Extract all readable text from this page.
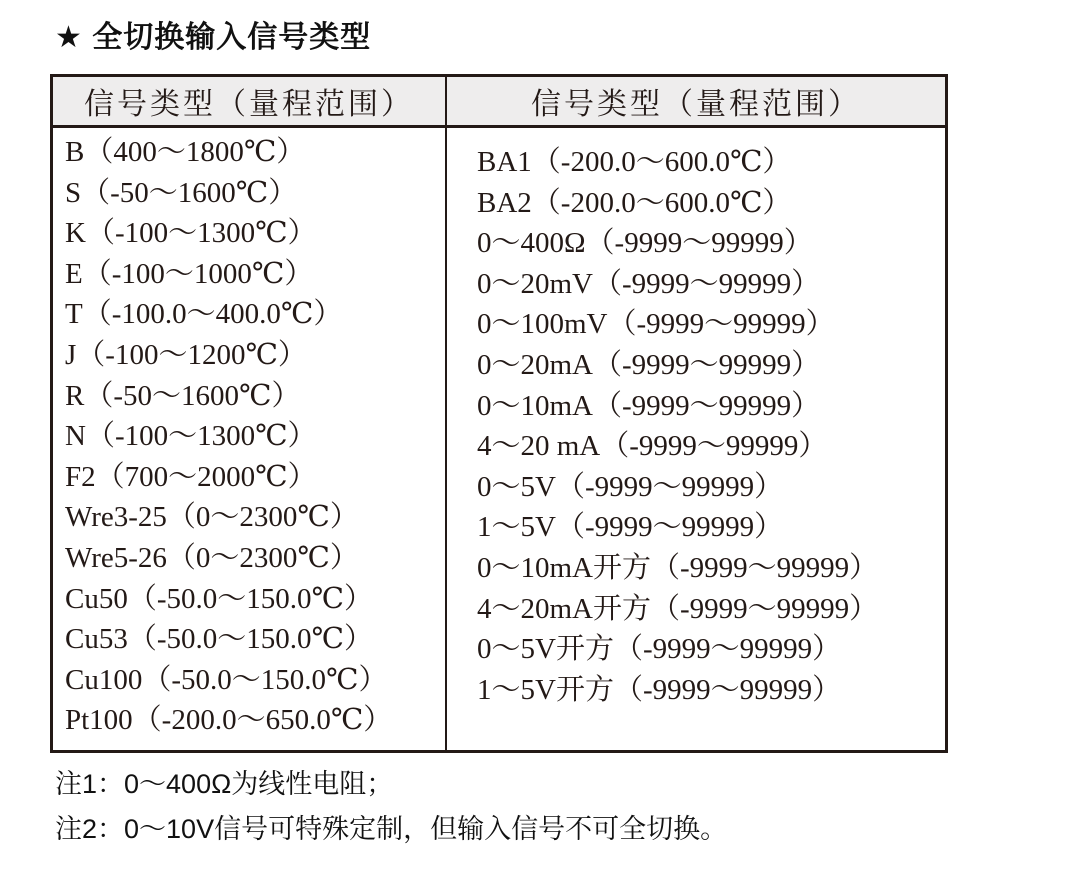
★ 全切换输入信号类型
信号类型（量程范围）	信号类型（量程范围）
B（400～1800℃）
S（-50～1600℃）
K（-100～1300℃）
E（-100～1000℃）
T（-100.0～400.0℃）
J（-100～1200℃）
R（-50～1600℃）
N（-100～1300℃）
F2（700～2000℃）
Wre3-25（0～2300℃）
Wre5-26（0～2300℃）
Cu50（-50.0～150.0℃）
Cu53（-50.0～150.0℃）
Cu100（-50.0～150.0℃）
Pt100（-200.0～650.0℃）
BA1（-200.0～600.0℃）
BA2（-200.0～600.0℃）
0～400Ω（-9999～99999）
0～20mV（-9999～99999）
0～100mV（-9999～99999）
0～20mA（-9999～99999）
0～10mA（-9999～99999）
4～20 mA（-9999～99999）
0～5V（-9999～99999）
1～5V（-9999～99999）
0～10mA开方（-9999～99999）
4～20mA开方（-9999～99999）
0～5V开方（-9999～99999）
1～5V开方（-9999～99999）
注1：0～400Ω为线性电阻；
注2：0～10V信号可特殊定制，但输入信号不可全切换。
